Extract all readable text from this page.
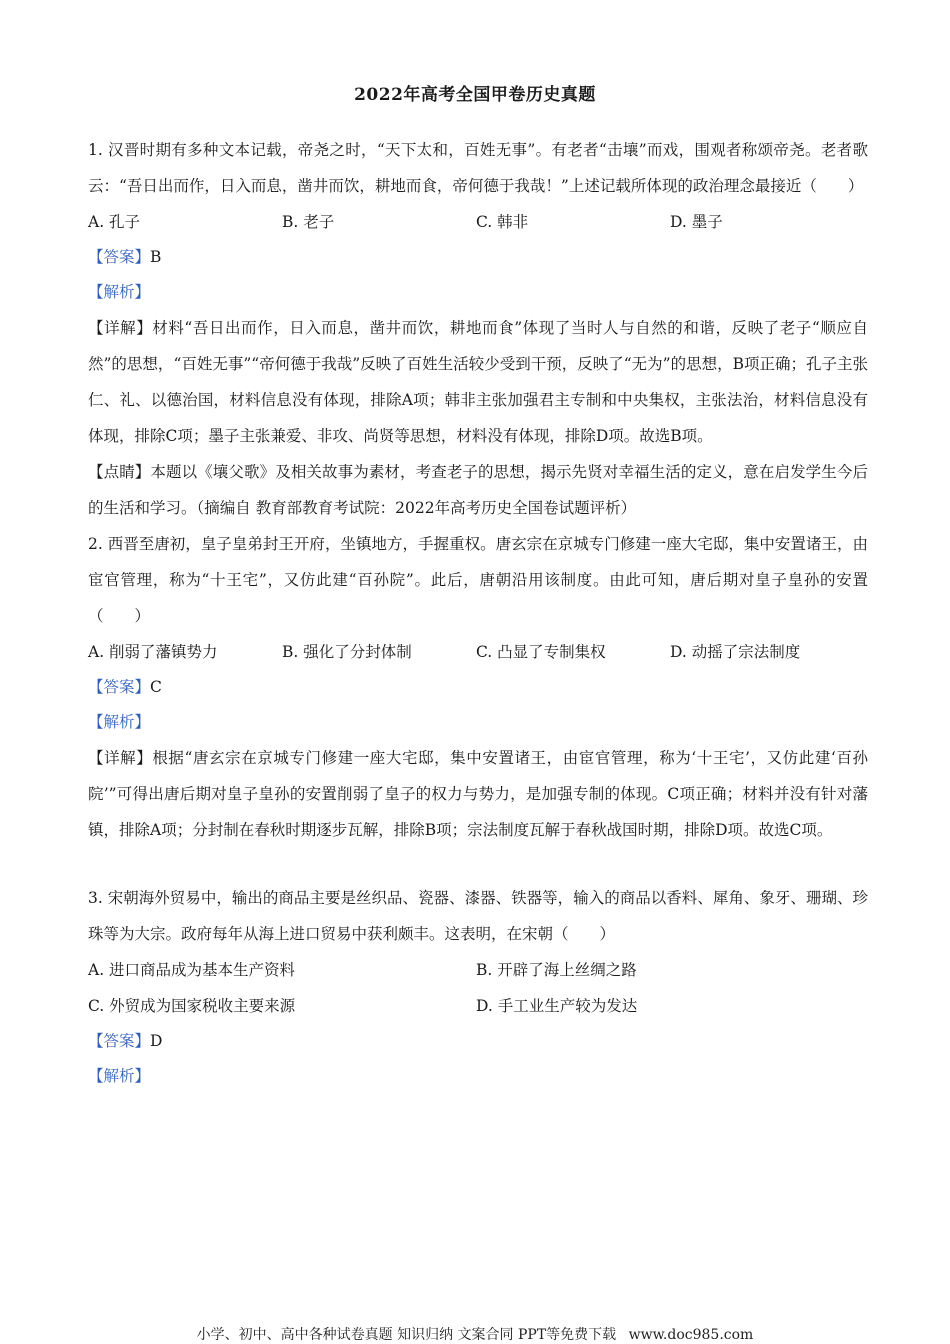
2022年高考全国甲卷历史真题

1. 汉晋时期有多种文本记载，帝尧之时，“天下太和，百姓无事”。有老者“击壤”而戏，围观者称颂帝尧。老者歌云：“吾日出而作，日入而息，凿井而饮，耕地而食，帝何德于我哉！”上述记载所体现的政治理念最接近（　　）

A. 孔子	B. 老子	C. 韩非	D. 墨子
【答案】B
【解析】

【详解】材料“吾日出而作，日入而息，凿井而饮，耕地而食”体现了当时人与自然的和谐，反映了老子“顺应自然”的思想，“百姓无事”“帝何德于我哉”反映了百姓生活较少受到干预，反映了“无为”的思想，B项正确；孔子主张仁、礼、以德治国，材料信息没有体现，排除A项；韩非主张加强君主专制和中央集权，主张法治，材料信息没有体现，排除C项；墨子主张兼爱、非攻、尚贤等思想，材料没有体现，排除D项。故选B项。

【点睛】本题以《壤父歌》及相关故事为素材，考查老子的思想，揭示先贤对幸福生活的定义，意在启发学生今后的生活和学习。（摘编自 教育部教育考试院：2022年高考历史全国卷试题评析）

2. 西晋至唐初，皇子皇弟封王开府，坐镇地方，手握重权。唐玄宗在京城专门修建一座大宅邸，集中安置诸王，由宦官管理，称为“十王宅”，又仿此建“百孙院”。此后，唐朝沿用该制度。由此可知，唐后期对皇子皇孙的安置（　　）

A. 削弱了藩镇势力	B. 强化了分封体制	C. 凸显了专制集权	D. 动摇了宗法制度
【答案】C
【解析】

【详解】根据“唐玄宗在京城专门修建一座大宅邸，集中安置诸王，由宦官管理，称为‘十王宅’，又仿此建‘百孙院’”可得出唐后期对皇子皇孙的安置削弱了皇子的权力与势力，是加强专制的体现。C项正确；材料并没有针对藩镇，排除A项；分封制在春秋时期逐步瓦解，排除B项；宗法制度瓦解于春秋战国时期，排除D项。故选C项。

3. 宋朝海外贸易中，输出的商品主要是丝织品、瓷器、漆器、铁器等，输入的商品以香料、犀角、象牙、珊瑚、珍珠等为大宗。政府每年从海上进口贸易中获利颇丰。这表明，在宋朝（　　）

A. 进口商品成为基本生产资料	B. 开辟了海上丝绸之路
C. 外贸成为国家税收主要来源	D. 手工业生产较为发达
【答案】D
【解析】
小学、初中、高中各种试卷真题 知识归纳 文案合同 PPT等免费下载 www.doc985.com
